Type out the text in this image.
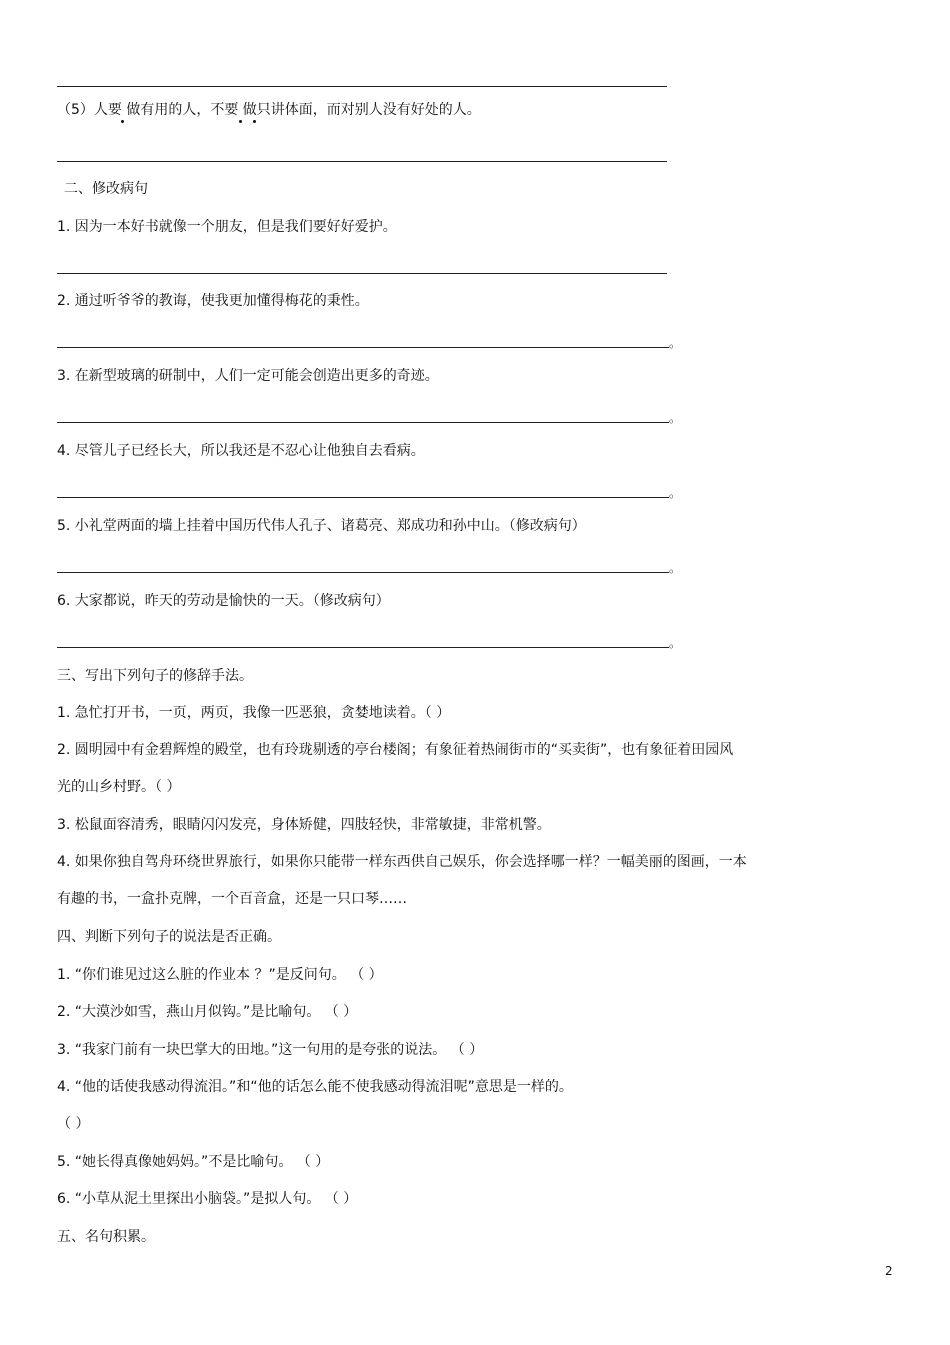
（5）人要 做有用的人，不要 做只讲体面，而对别人没有好处的人。
二、修改病句
1. 因为一本好书就像一个朋友，但是我们要好好爱护。
2. 通过听爷爷的教诲，使我更加懂得梅花的秉性。
。
3. 在新型玻璃的研制中，人们一定可能会创造出更多的奇迹。
。
4. 尽管儿子已经长大，所以我还是不忍心让他独自去看病。
。
5. 小礼堂两面的墙上挂着中国历代伟人孔子、诸葛亮、郑成功和孙中山。（修改病句）
。
6. 大家都说，昨天的劳动是愉快的一天。（修改病句）
。
三、写出下列句子的修辞手法。
1. 急忙打开书，一页，两页，我像一匹恶狼，贪婪地读着。（ ）
2. 圆明园中有金碧辉煌的殿堂，也有玲珑剔透的亭台楼阁；有象征着热闹街市的“买卖街”，也有象征着田园风
光的山乡村野。（ ）
3. 松鼠面容清秀，眼睛闪闪发亮，身体矫健，四肢轻快，非常敏捷，非常机警。
4. 如果你独自驾舟环绕世界旅行，如果你只能带一样东西供自己娱乐，你会选择哪一样？一幅美丽的图画，一本
有趣的书，一盒扑克牌，一个百音盒，还是一只口琴……
四、判断下列句子的说法是否正确。
1. “你们谁见过这么脏的作业本 ？”是反问句。 （ ）
2. “大漠沙如雪，燕山月似钩。”是比喻句。 （ ）
3. “我家门前有一块巴掌大的田地。”这一句用的是夸张的说法。 （ ）
4. “他的话使我感动得流泪。”和“他的话怎么能不使我感动得流泪呢”意思是一样的。
（ ）
5. “她长得真像她妈妈。”不是比喻句。 （ ）
6. “小草从泥土里探出小脑袋。”是拟人句。 （ ）
五、名句积累。
2
